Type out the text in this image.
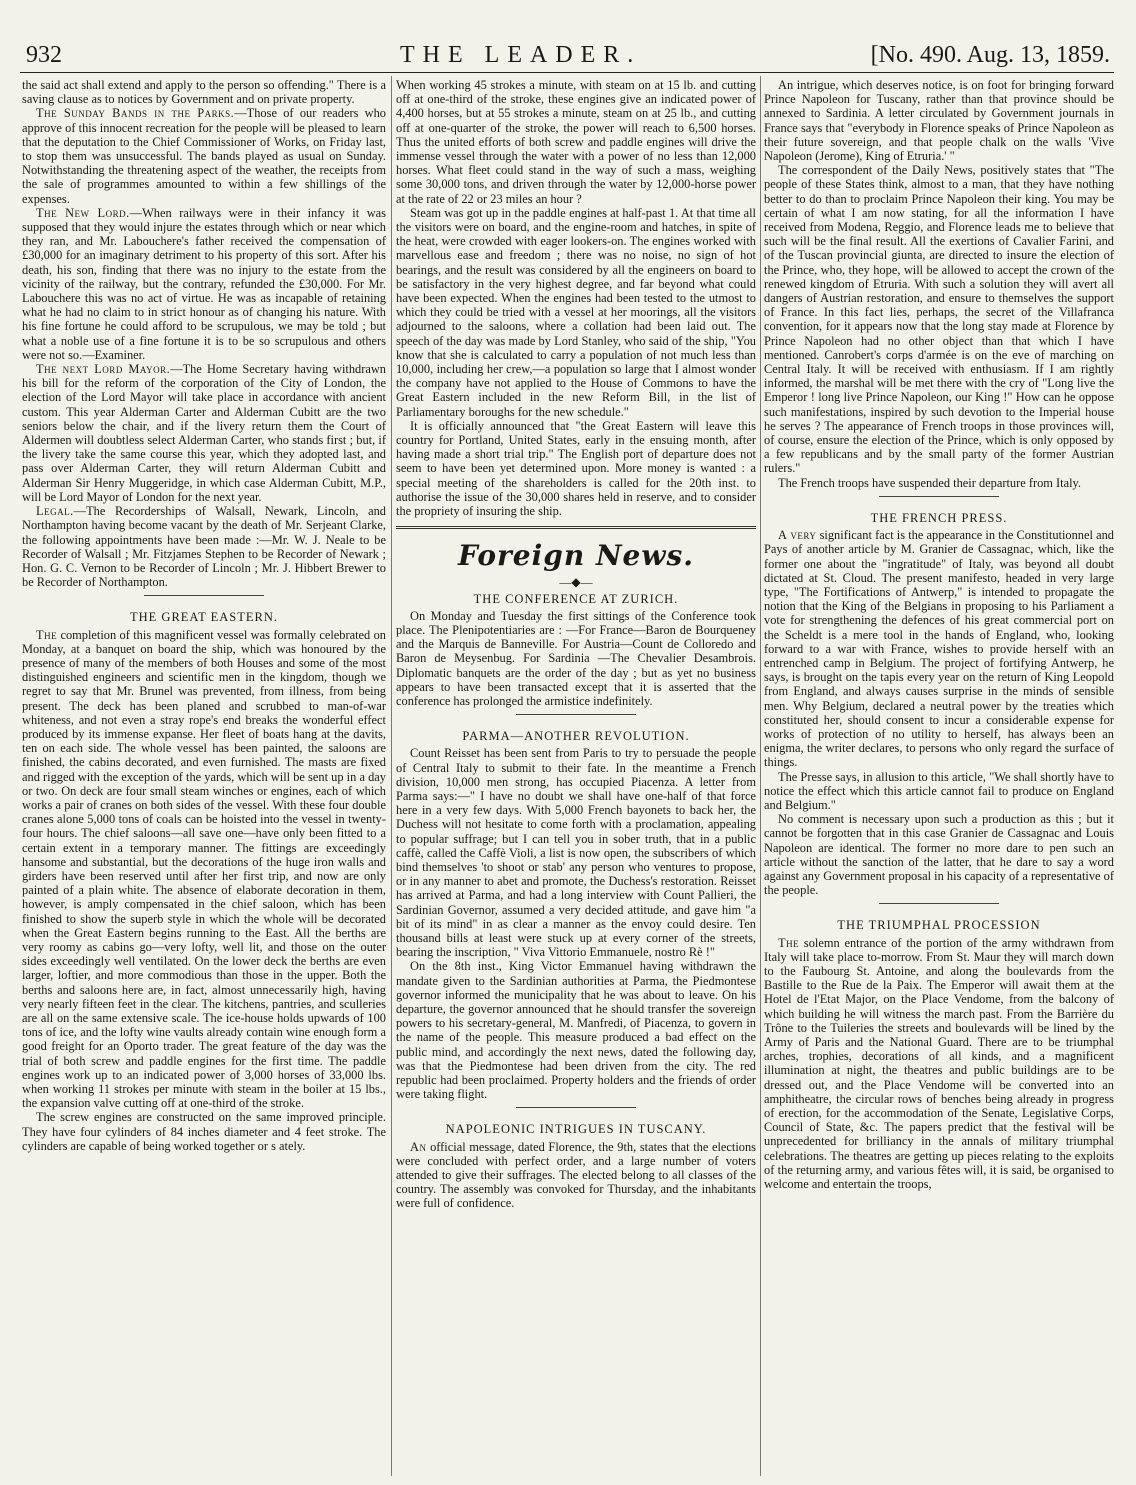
932	THE LEADER.	[No. 490. Aug. 13, 1859.

the said act shall extend and apply to the person so offending." There is a saving clause as to notices by Government and on private property.

The Sunday Bands in the Parks.—Those of our readers who approve of this innocent recreation for the people will be pleased to learn that the deputation to the Chief Commissioner of Works, on Friday last, to stop them was unsuccessful. The bands played as usual on Sunday. Notwithstanding the threatening aspect of the weather, the receipts from the sale of programmes amounted to within a few shillings of the expenses.

The New Lord.—When railways were in their infancy it was supposed that they would injure the estates through which or near which they ran, and Mr. Labouchere's father received the compensation of £30,000 for an imaginary detriment to his property of this sort. After his death, his son, finding that there was no injury to the estate from the vicinity of the railway, but the contrary, refunded the £30,000. For Mr. Labouchere this was no act of virtue. He was as incapable of retaining what he had no claim to in strict honour as of changing his nature. With his fine fortune he could afford to be scrupulous, we may be told ; but what a noble use of a fine fortune it is to be so scrupulous and others were not so.—Examiner.

The next Lord Mayor.—The Home Secretary having withdrawn his bill for the reform of the corporation of the City of London, the election of the Lord Mayor will take place in accordance with ancient custom. This year Alderman Carter and Alderman Cubitt are the two seniors below the chair, and if the livery return them the Court of Aldermen will doubtless select Alderman Carter, who stands first ; but, if the livery take the same course this year, which they adopted last, and pass over Alderman Carter, they will return Alderman Cubitt and Alderman Sir Henry Muggeridge, in which case Alderman Cubitt, M.P., will be Lord Mayor of London for the next year.

Legal.—The Recorderships of Walsall, Newark, Lincoln, and Northampton having become vacant by the death of Mr. Serjeant Clarke, the following appointments have been made :—Mr. W. J. Neale to be Recorder of Walsall ; Mr. Fitzjames Stephen to be Recorder of Newark ; Hon. G. C. Vernon to be Recorder of Lincoln ; Mr. J. Hibbert Brewer to be Recorder of Northampton.

THE GREAT EASTERN.

The completion of this magnificent vessel was formally celebrated on Monday, at a banquet on board the ship, which was honoured by the presence of many of the members of both Houses and some of the most distinguished engineers and scientific men in the kingdom, though we regret to say that Mr. Brunel was prevented, from illness, from being present. The deck has been planed and scrubbed to man-of-war whiteness, and not even a stray rope's end breaks the wonderful effect produced by its immense expanse. Her fleet of boats hang at the davits, ten on each side. The whole vessel has been painted, the saloons are finished, the cabins decorated, and even furnished. The masts are fixed and rigged with the exception of the yards, which will be sent up in a day or two. On deck are four small steam winches or engines, each of which works a pair of cranes on both sides of the vessel. With these four double cranes alone 5,000 tons of coals can be hoisted into the vessel in twenty-four hours. The chief saloons—all save one—have only been fitted to a certain extent in a temporary manner. The fittings are exceedingly hansome and substantial, but the decorations of the huge iron walls and girders have been reserved until after her first trip, and now are only painted of a plain white. The absence of elaborate decoration in them, however, is amply compensated in the chief saloon, which has been finished to show the superb style in which the whole will be decorated when the Great Eastern begins running to the East. All the berths are very roomy as cabins go—very lofty, well lit, and those on the outer sides exceedingly well ventilated. On the lower deck the berths are even larger, loftier, and more commodious than those in the upper. Both the berths and saloons here are, in fact, almost unnecessarily high, having very nearly fifteen feet in the clear. The kitchens, pantries, and sculleries are all on the same extensive scale. The ice-house holds upwards of 100 tons of ice, and the lofty wine vaults already contain wine enough form a good freight for an Oporto trader. The great feature of the day was the trial of both screw and paddle engines for the first time. The paddle engines work up to an indicated power of 3,000 horses of 33,000 lbs. when working 11 strokes per minute with steam in the boiler at 15 lbs., the expansion valve cutting off at one-third of the stroke.

The screw engines are constructed on the same improved principle. They have four cylinders of 84 inches diameter and 4 feet stroke. The cylinders are capable of being worked together or s ately.

When working 45 strokes a minute, with steam on at 15 lb. and cutting off at one-third of the stroke, these engines give an indicated power of 4,400 horses, but at 55 strokes a minute, steam on at 25 lb., and cutting off at one-quarter of the stroke, the power will reach to 6,500 horses. Thus the united efforts of both screw and paddle engines will drive the immense vessel through the water with a power of no less than 12,000 horses. What fleet could stand in the way of such a mass, weighing some 30,000 tons, and driven through the water by 12,000-horse power at the rate of 22 or 23 miles an hour ?

Steam was got up in the paddle engines at half-past 1. At that time all the visitors were on board, and the engine-room and hatches, in spite of the heat, were crowded with eager lookers-on. The engines worked with marvellous ease and freedom ; there was no noise, no sign of hot bearings, and the result was considered by all the engineers on board to be satisfactory in the very highest degree, and far beyond what could have been expected. When the engines had been tested to the utmost to which they could be tried with a vessel at her moorings, all the visitors adjourned to the saloons, where a collation had been laid out. The speech of the day was made by Lord Stanley, who said of the ship, "You know that she is calculated to carry a population of not much less than 10,000, including her crew,—a population so large that I almost wonder the company have not applied to the House of Commons to have the Great Eastern included in the new Reform Bill, in the list of Parliamentary boroughs for the new schedule."

It is officially announced that "the Great Eastern will leave this country for Portland, United States, early in the ensuing month, after having made a short trial trip." The English port of departure does not seem to have been yet determined upon. More money is wanted : a special meeting of the shareholders is called for the 20th inst. to authorise the issue of the 30,000 shares held in reserve, and to consider the propriety of insuring the ship.

Foreign News.
—◆—
THE CONFERENCE AT ZURICH.

On Monday and Tuesday the first sittings of the Conference took place. The Plenipotentiaries are : —For France—Baron de Bourqueney and the Marquis de Banneville. For Austria—Count de Colloredo and Baron de Meysenbug. For Sardinia —The Chevalier Desambrois. Diplomatic banquets are the order of the day ; but as yet no business appears to have been transacted except that it is asserted that the conference has prolonged the armistice indefinitely.

PARMA—ANOTHER REVOLUTION.

Count Reisset has been sent from Paris to try to persuade the people of Central Italy to submit to their fate. In the meantime a French division, 10,000 men strong, has occupied Piacenza. A letter from Parma says:—" I have no doubt we shall have one-half of that force here in a very few days. With 5,000 French bayonets to back her, the Duchess will not hesitate to come forth with a proclamation, appealing to popular suffrage; but I can tell you in sober truth, that in a public caffè, called the Caffè Violi, a list is now open, the subscribers of which bind themselves 'to shoot or stab' any person who ventures to propose, or in any manner to abet and promote, the Duchess's restoration. Reisset has arrived at Parma, and had a long interview with Count Pallieri, the Sardinian Governor, assumed a very decided attitude, and gave him "a bit of its mind" in as clear a manner as the envoy could desire. Ten thousand bills at least were stuck up at every corner of the streets, bearing the inscription, " Viva Vittorio Emmanuele, nostro Rè !"

On the 8th inst., King Victor Emmanuel having withdrawn the mandate given to the Sardinian authorities at Parma, the Piedmontese governor informed the municipality that he was about to leave. On his departure, the governor announced that he should transfer the sovereign powers to his secretary-general, M. Manfredi, of Piacenza, to govern in the name of the people. This measure produced a bad effect on the public mind, and accordingly the next news, dated the following day, was that the Piedmontese had been driven from the city. The red republic had been proclaimed. Property holders and the friends of order were taking flight.

NAPOLEONIC INTRIGUES IN TUSCANY.

An official message, dated Florence, the 9th, states that the elections were concluded with perfect order, and a large number of voters attended to give their suffrages. The elected belong to all classes of the country. The assembly was convoked for Thursday, and the inhabitants were full of confidence.

An intrigue, which deserves notice, is on foot for bringing forward Prince Napoleon for Tuscany, rather than that province should be annexed to Sardinia. A letter circulated by Government journals in France says that "everybody in Florence speaks of Prince Napoleon as their future sovereign, and that people chalk on the walls 'Vive Napoleon (Jerome), King of Etruria.' "

The correspondent of the Daily News, positively states that "The people of these States think, almost to a man, that they have nothing better to do than to proclaim Prince Napoleon their king. You may be certain of what I am now stating, for all the information I have received from Modena, Reggio, and Florence leads me to believe that such will be the final result. All the exertions of Cavalier Farini, and of the Tuscan provincial giunta, are directed to insure the election of the Prince, who, they hope, will be allowed to accept the crown of the renewed kingdom of Etruria. With such a solution they will avert all dangers of Austrian restoration, and ensure to themselves the support of France. In this fact lies, perhaps, the secret of the Villafranca convention, for it appears now that the long stay made at Florence by Prince Napoleon had no other object than that which I have mentioned. Canrobert's corps d'armée is on the eve of marching on Central Italy. It will be received with enthusiasm. If I am rightly informed, the marshal will be met there with the cry of "Long live the Emperor ! long live Prince Napoleon, our King !" How can he oppose such manifestations, inspired by such devotion to the Imperial house he serves ? The appearance of French troops in those provinces will, of course, ensure the election of the Prince, which is only opposed by a few republicans and by the small party of the former Austrian rulers."

The French troops have suspended their departure from Italy.

THE FRENCH PRESS.

A very significant fact is the appearance in the Constitutionnel and Pays of another article by M. Granier de Cassagnac, which, like the former one about the "ingratitude" of Italy, was beyond all doubt dictated at St. Cloud. The present manifesto, headed in very large type, "The Fortifications of Antwerp," is intended to propagate the notion that the King of the Belgians in proposing to his Parliament a vote for strengthening the defences of his great commercial port on the Scheldt is a mere tool in the hands of England, who, looking forward to a war with France, wishes to provide herself with an entrenched camp in Belgium. The project of fortifying Antwerp, he says, is brought on the tapis every year on the return of King Leopold from England, and always causes surprise in the minds of sensible men. Why Belgium, declared a neutral power by the treaties which constituted her, should consent to incur a considerable expense for works of protection of no utility to herself, has always been an enigma, the writer declares, to persons who only regard the surface of things.

The Presse says, in allusion to this article, "We shall shortly have to notice the effect which this article cannot fail to produce on England and Belgium."

No comment is necessary upon such a production as this ; but it cannot be forgotten that in this case Granier de Cassagnac and Louis Napoleon are identical. The former no more dare to pen such an article without the sanction of the latter, that he dare to say a word against any Government proposal in his capacity of a representative of the people.

THE TRIUMPHAL PROCESSION

The solemn entrance of the portion of the army withdrawn from Italy will take place to-morrow. From St. Maur they will march down to the Faubourg St. Antoine, and along the boulevards from the Bastille to the Rue de la Paix. The Emperor will await them at the Hotel de l'Etat Major, on the Place Vendome, from the balcony of which building he will witness the march past. From the Barrière du Trône to the Tuileries the streets and boulevards will be lined by the Army of Paris and the National Guard. There are to be triumphal arches, trophies, decorations of all kinds, and a magnificent illumination at night, the theatres and public buildings are to be dressed out, and the Place Vendome will be converted into an amphitheatre, the circular rows of benches being already in progress of erection, for the accommodation of the Senate, Legislative Corps, Council of State, &c. The papers predict that the festival will be unprecedented for brilliancy in the annals of military triumphal celebrations. The theatres are getting up pieces relating to the exploits of the returning army, and various fêtes will, it is said, be organised to welcome and entertain the troops,
